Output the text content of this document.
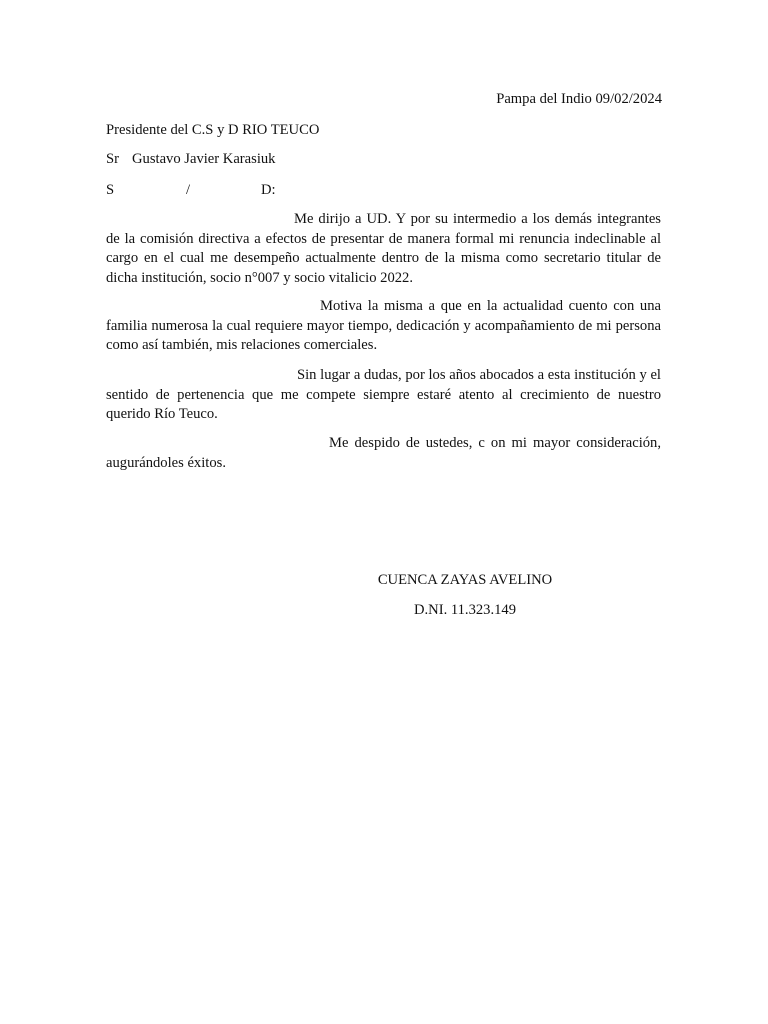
Pampa del Indio 09/02/2024
Presidente del C.S y D RIO TEUCO
Sr Gustavo Javier Karasiuk
S	/	D:
Me dirijo a UD. Y por su intermedio a los demás integrantes de la comisión directiva a efectos de presentar de manera formal mi renuncia indeclinable al cargo en el cual me desempeño actualmente dentro de la misma como secretario titular de dicha institución, socio n°007 y socio vitalicio 2022.
Motiva la misma a que en la actualidad cuento con una familia numerosa la cual requiere mayor tiempo, dedicación y acompañamiento de mi persona como así también, mis relaciones comerciales.
Sin lugar a dudas, por los años abocados a esta institución y el sentido de pertenencia que me compete siempre estaré atento al crecimiento de nuestro querido Río Teuco.
Me despido de ustedes, c on mi mayor consideración, augurándoles éxitos.
CUENCA ZAYAS AVELINO
D.NI. 11.323.149
